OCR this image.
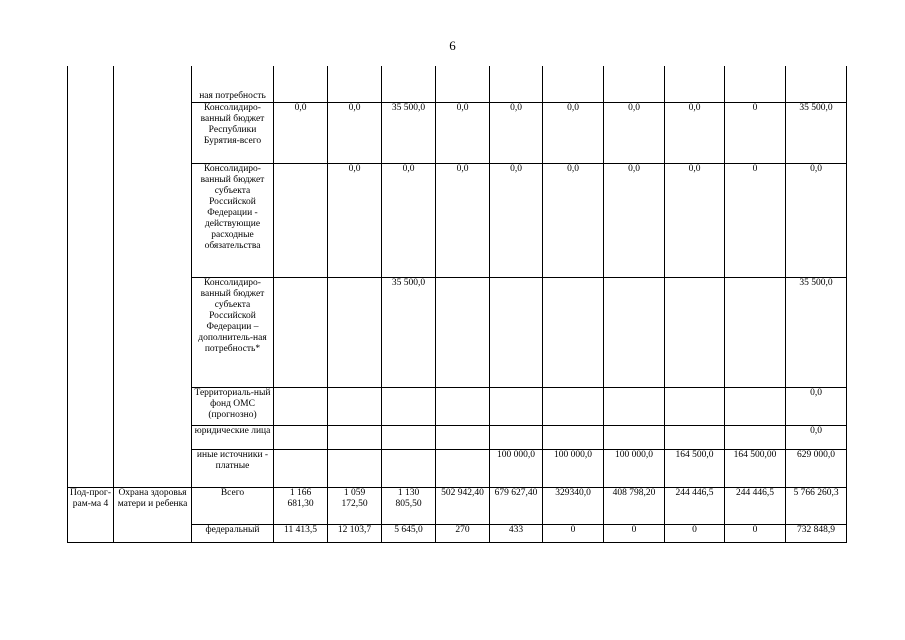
6
		ная потребность										
		Консолидиро-ванный бюджет Республики Бурятия-всего	0,0	0,0	35 500,0	0,0	0,0	0,0	0,0	0,0	0	35 500,0
		Консолидиро-ванный бюджет субъекта Российской Федерации - действующие расходные обязательства		0,0	0,0	0,0	0,0	0,0	0,0	0,0	0	0,0
		Консолидиро-ванный бюджет субъекта Российской Федерации – дополнитель-ная потребность*			35 500,0							35 500,0
		Территориаль-ный фонд ОМС (прогнозно)										0,0
		юридические лица										0,0
		иные источники - платные					100 000,0	100 000,0	100 000,0	164 500,0	164 500,00	629 000,0
Под-прог-рам-ма 4	Охрана здоровья матери и ребенка	Всего	1 166 681,30	1 059 172,50	1 130 805,50	502 942,40	679 627,40	329340,0	408 798,20	244 446,5	244 446,5	5 766 260,3
		федеральный	11 413,5	12 103,7	5 645,0	270	433	0	0	0	0	732 848,9
